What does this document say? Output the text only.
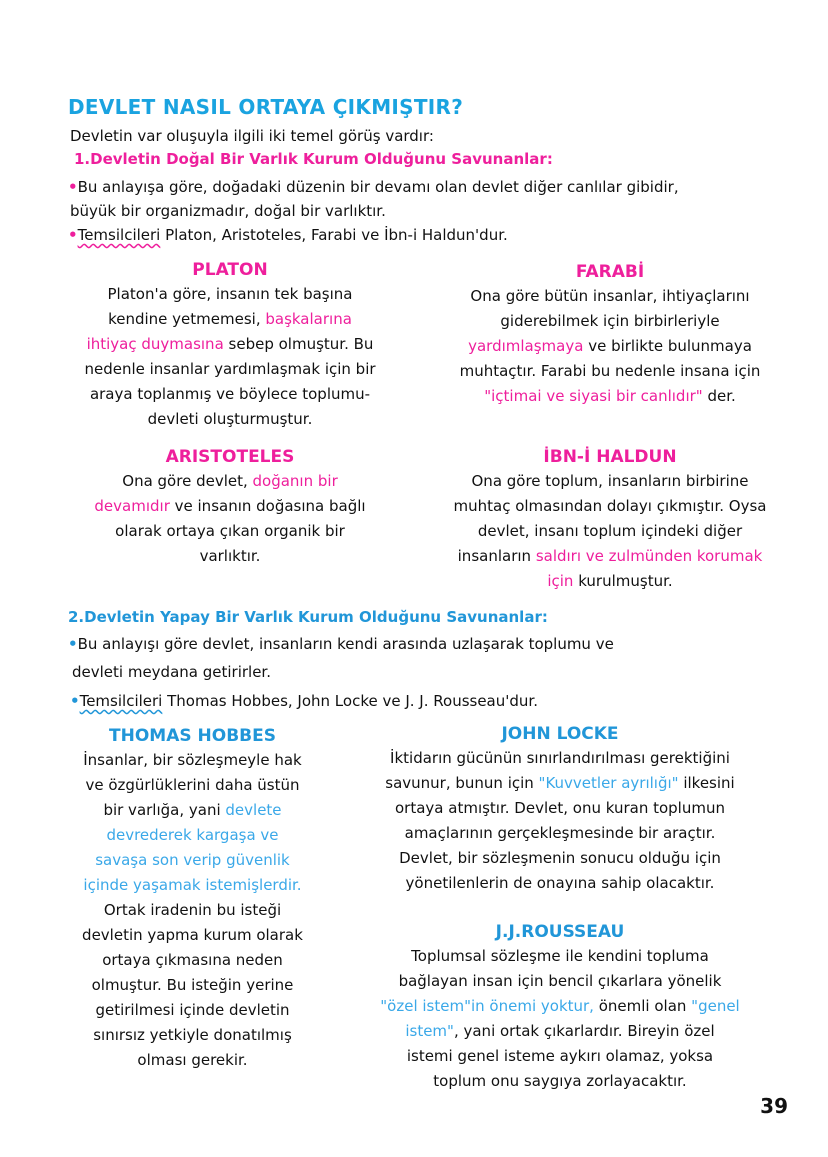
DEVLET NASIL ORTAYA ÇIKMIŞTIR?
Devletin var oluşuyla ilgili iki temel görüş vardır:
1.Devletin Doğal Bir Varlık Kurum Olduğunu Savunanlar:
•Bu anlayışa göre, doğadaki düzenin bir devamı olan devlet diğer canlılar gibidir,
büyük bir organizmadır, doğal bir varlıktır.
•Temsilcileri Platon, Aristoteles, Farabi ve İbn-i Haldun'dur.
PLATON
Platon'a göre, insanın tek başına
kendine yetmemesi, başkalarına
ihtiyaç duymasına sebep olmuştur. Bu
nedenle insanlar yardımlaşmak için bir
araya toplanmış ve böylece toplumu-
devleti oluşturmuştur.
FARABİ
Ona göre bütün insanlar, ihtiyaçlarını
giderebilmek için birbirleriyle
yardımlaşmaya ve birlikte bulunmaya
muhtaçtır. Farabi bu nedenle insana için
"içtimai ve siyasi bir canlıdır" der.
ARISTOTELES
Ona göre devlet, doğanın bir
devamıdır ve insanın doğasına bağlı
olarak ortaya çıkan organik bir
varlıktır.
İBN-İ HALDUN
Ona göre toplum, insanların birbirine
muhtaç olmasından dolayı çıkmıştır. Oysa
devlet, insanı toplum içindeki diğer
insanların saldırı ve zulmünden korumak
için kurulmuştur.
2.Devletin Yapay Bir Varlık Kurum Olduğunu Savunanlar:
•Bu anlayışı göre devlet, insanların kendi arasında uzlaşarak toplumu ve
devleti meydana getirirler.
•Temsilcileri Thomas Hobbes, John Locke ve J. J. Rousseau'dur.
THOMAS HOBBES
İnsanlar, bir sözleşmeyle hak
ve özgürlüklerini daha üstün
bir varlığa, yani devlete
devrederek kargaşa ve
savaşa son verip güvenlik
içinde yaşamak istemişlerdir.
Ortak iradenin bu isteği
devletin yapma kurum olarak
ortaya çıkmasına neden
olmuştur. Bu isteğin yerine
getirilmesi içinde devletin
sınırsız yetkiyle donatılmış
olması gerekir.
JOHN LOCKE
İktidarın gücünün sınırlandırılması gerektiğini
savunur, bunun için "Kuvvetler ayrılığı" ilkesini
ortaya atmıştır. Devlet, onu kuran toplumun
amaçlarının gerçekleşmesinde bir araçtır.
Devlet, bir sözleşmenin sonucu olduğu için
yönetilenlerin de onayına sahip olacaktır.
J.J.ROUSSEAU
Toplumsal sözleşme ile kendini topluma
bağlayan insan için bencil çıkarlara yönelik
"özel istem"in önemi yoktur, önemli olan "genel
istem", yani ortak çıkarlardır. Bireyin özel
istemi genel isteme aykırı olamaz, yoksa
toplum onu saygıya zorlayacaktır.
39
